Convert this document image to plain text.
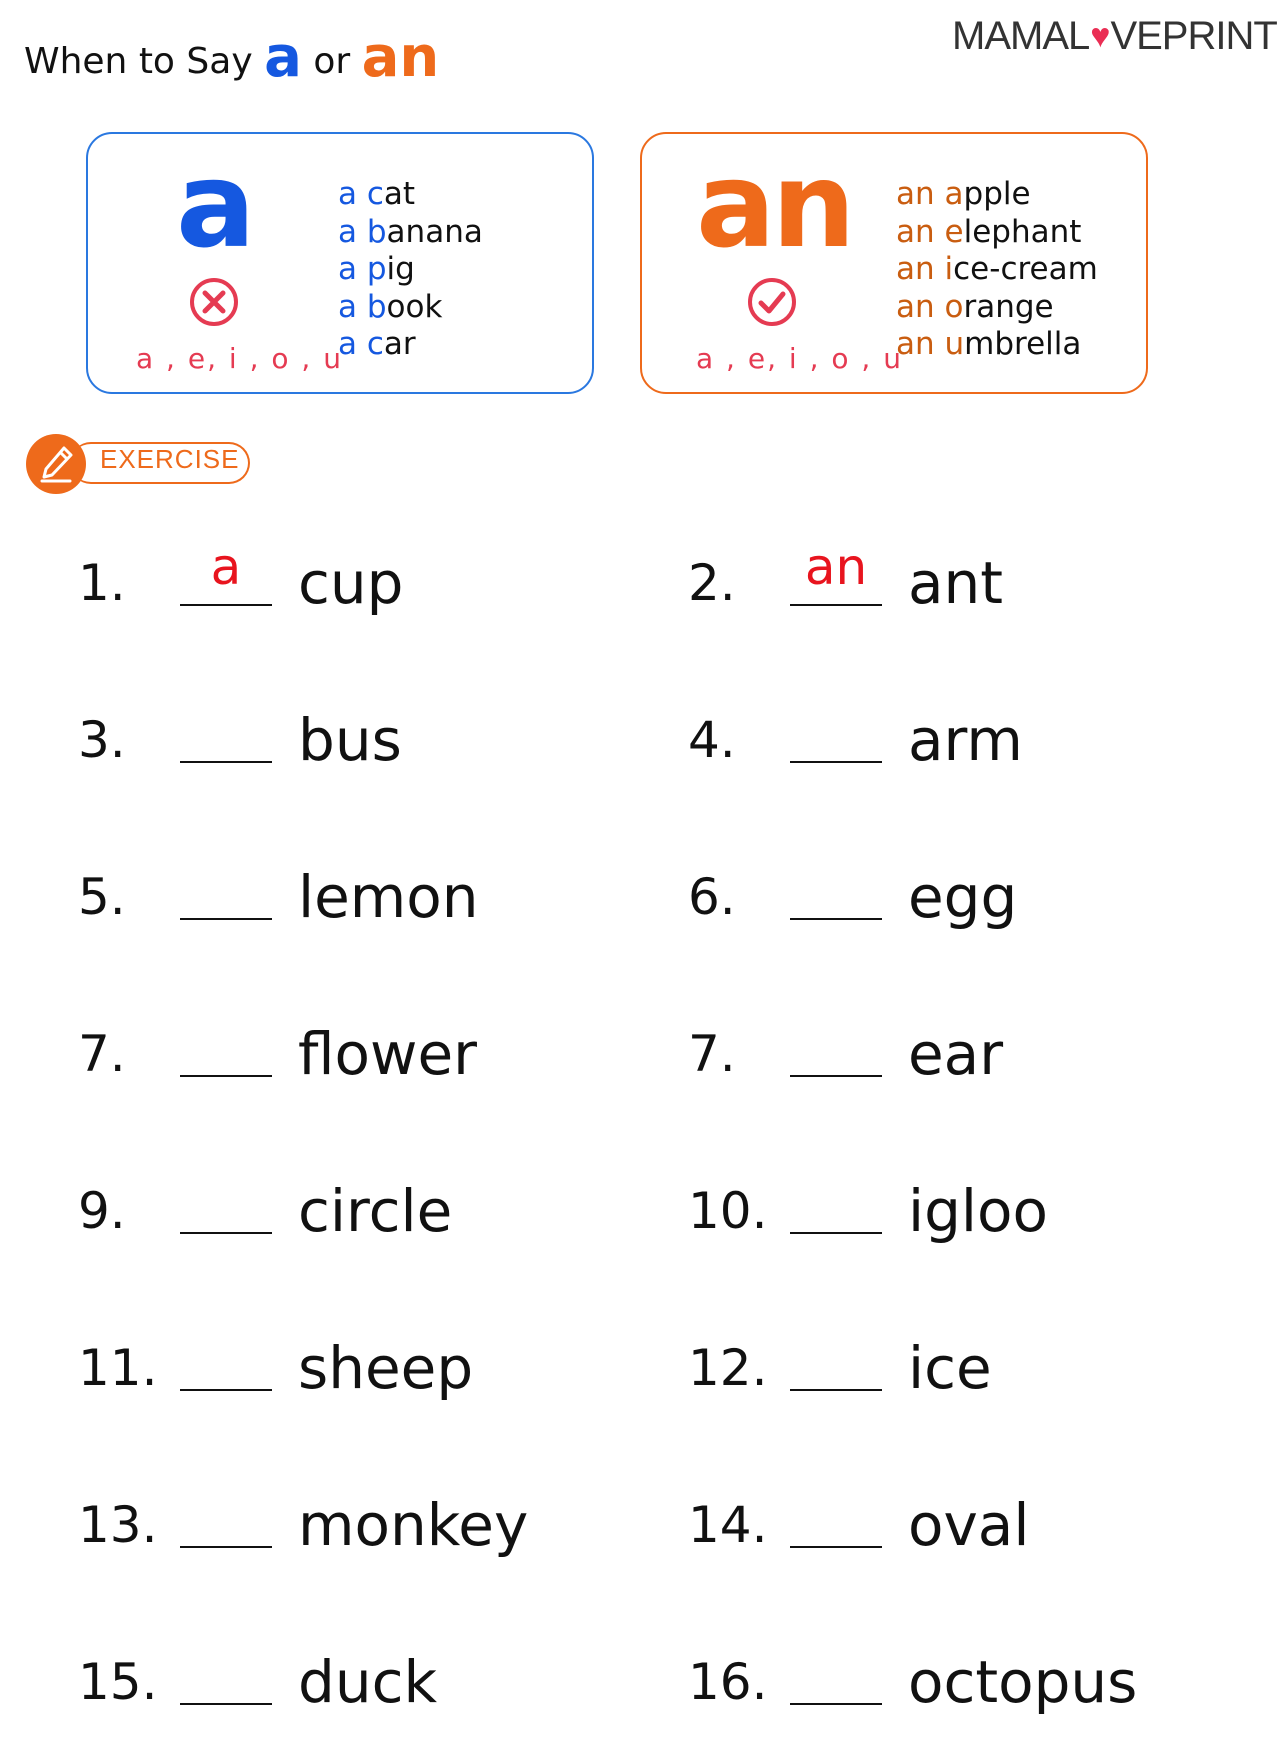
When to Say a or an	MAMAL♥VEPRINT
a
a , e, i , o , u
a cat
a banana
a pig
a book
a car
an
a , e, i , o , u
an apple
an elephant
an ice-cream
an orange
an umbrella
EXERCISE
1.	a cup	2. an ant
3.	bus	4.	arm
5.	lemon	6.	egg
7.	flower	7.	ear
9.	circle	10. igloo
11. sheep	12. ice
13. monkey	14. oval
15. duck	16. octopus
